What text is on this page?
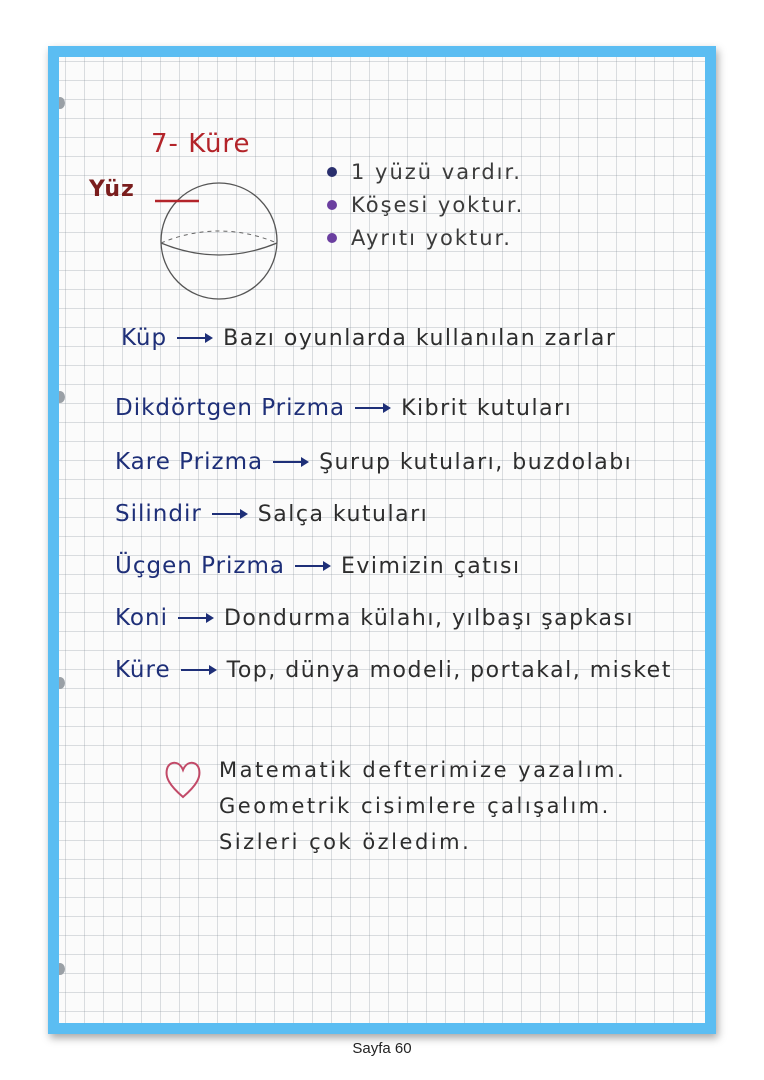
7- Küre
Yüz
1 yüzü vardır.
Köşesi yoktur.
Ayrıtı yoktur.
Küp	Bazı oyunlarda kullanılan zarlar
Dikdörtgen Prizma	Kibrit kutuları
Kare Prizma	Şurup kutuları, buzdolabı
Silindir	Salça kutuları
Üçgen Prizma	Evimizin çatısı
Koni	Dondurma külahı, yılbaşı şapkası
Küre	Top, dünya modeli, portakal, misket
Matematik defterimize yazalım.
Geometrik cisimlere çalışalım.
Sizleri çok özledim.
Sayfa 60
